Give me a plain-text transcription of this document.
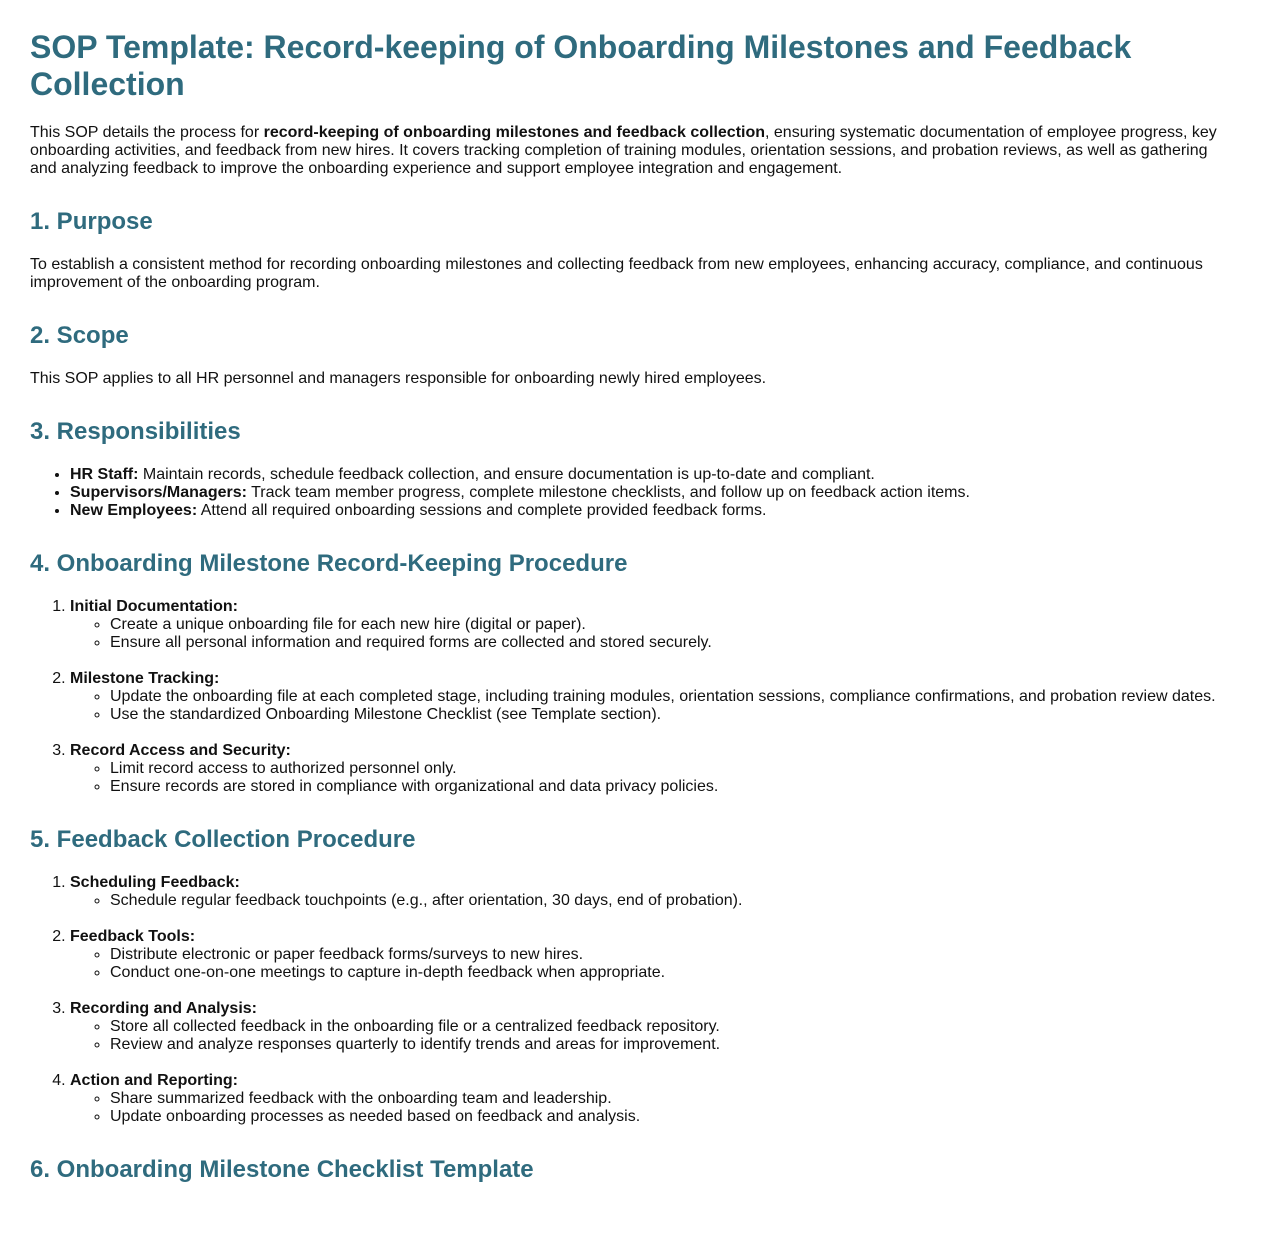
SOP Template: Record-keeping of Onboarding Milestones and Feedback Collection

This SOP details the process for record-keeping of onboarding milestones and feedback collection, ensuring systematic documentation of employee progress, key onboarding activities, and feedback from new hires. It covers tracking completion of training modules, orientation sessions, and probation reviews, as well as gathering and analyzing feedback to improve the onboarding experience and support employee integration and engagement.

1. Purpose

To establish a consistent method for recording onboarding milestones and collecting feedback from new employees, enhancing accuracy, compliance, and continuous improvement of the onboarding program.

2. Scope

This SOP applies to all HR personnel and managers responsible for onboarding newly hired employees.

3. Responsibilities
• HR Staff: Maintain records, schedule feedback collection, and ensure documentation is up-to-date and compliant.
• Supervisors/Managers: Track team member progress, complete milestone checklists, and follow up on feedback action items.
• New Employees: Attend all required onboarding sessions and complete provided feedback forms.
4. Onboarding Milestone Record-Keeping Procedure
1. Initial Documentation:
◦ Create a unique onboarding file for each new hire (digital or paper).
◦ Ensure all personal information and required forms are collected and stored securely.
2. Milestone Tracking:
◦ Update the onboarding file at each completed stage, including training modules, orientation sessions, compliance confirmations, and probation review dates.
◦ Use the standardized Onboarding Milestone Checklist (see Template section).
3. Record Access and Security:
◦ Limit record access to authorized personnel only.
◦ Ensure records are stored in compliance with organizational and data privacy policies.
5. Feedback Collection Procedure
1. Scheduling Feedback:
◦ Schedule regular feedback touchpoints (e.g., after orientation, 30 days, end of probation).
2. Feedback Tools:
◦ Distribute electronic or paper feedback forms/surveys to new hires.
◦ Conduct one-on-one meetings to capture in-depth feedback when appropriate.
3. Recording and Analysis:
◦ Store all collected feedback in the onboarding file or a centralized feedback repository.
◦ Review and analyze responses quarterly to identify trends and areas for improvement.
4. Action and Reporting:
◦ Share summarized feedback with the onboarding team and leadership.
◦ Update onboarding processes as needed based on feedback and analysis.
6. Onboarding Milestone Checklist Template
